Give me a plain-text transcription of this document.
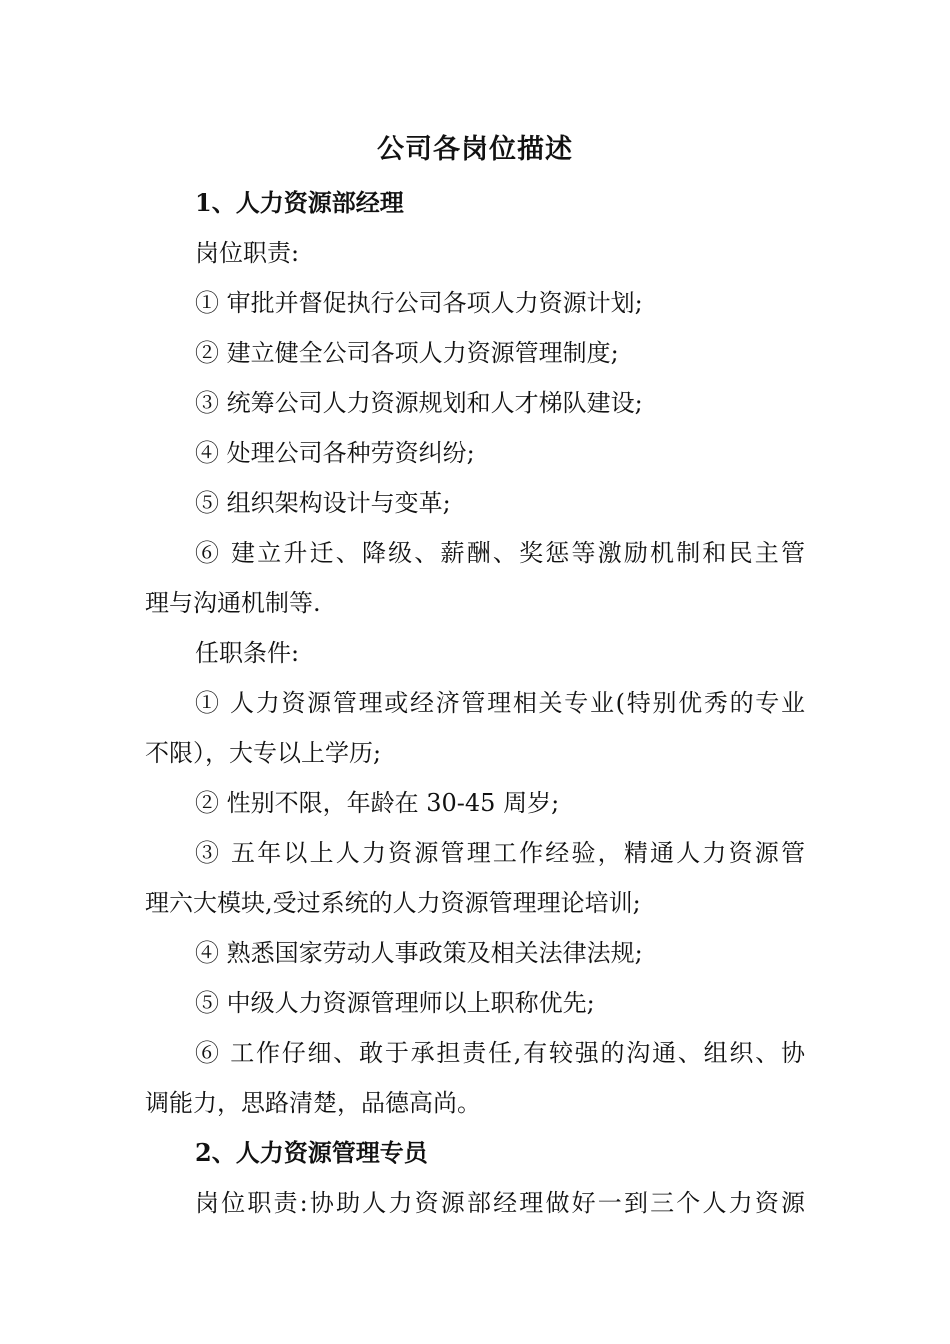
公司各岗位描述

1、人力资源部经理

岗位职责:

① 审批并督促执行公司各项人力资源计划;

② 建立健全公司各项人力资源管理制度;

③ 统筹公司人力资源规划和人才梯队建设;

④ 处理公司各种劳资纠纷;

⑤ 组织架构设计与变革;

⑥ 建立升迁、降级、薪酬、奖惩等激励机制和民主管

理与沟通机制等.

任职条件:

① 人力资源管理或经济管理相关专业(特别优秀的专业

不限），大专以上学历;

② 性别不限，年龄在 30-45 周岁;

③ 五年以上人力资源管理工作经验，精通人力资源管

理六大模块,受过系统的人力资源管理理论培训;

④ 熟悉国家劳动人事政策及相关法律法规;

⑤ 中级人力资源管理师以上职称优先;

⑥ 工作仔细、敢于承担责任,有较强的沟通、组织、协

调能力，思路清楚，品德高尚。

2、人力资源管理专员

岗位职责:协助人力资源部经理做好一到三个人力资源
